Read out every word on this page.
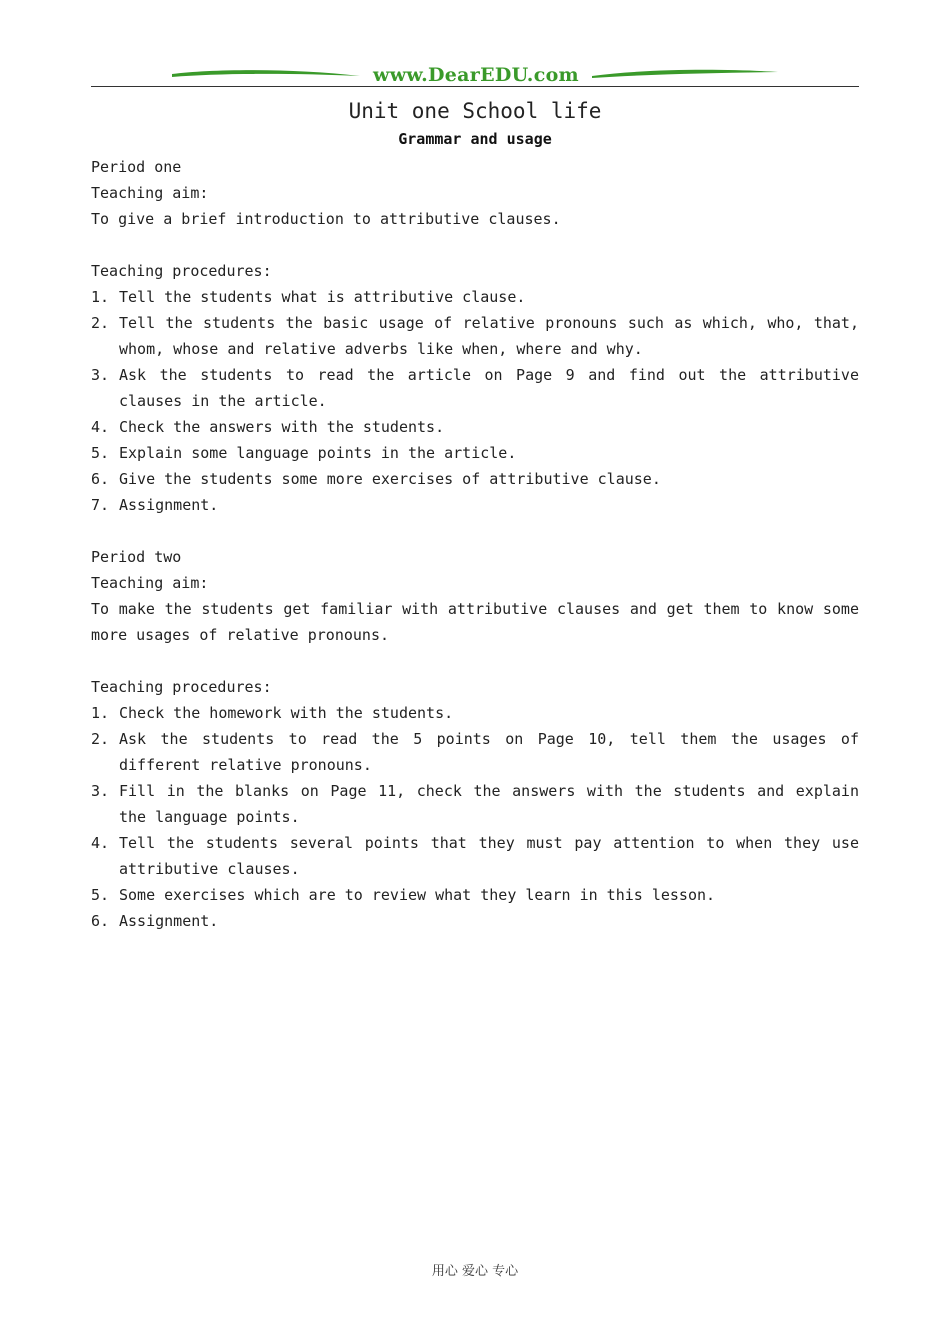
www.DearEDU.com
Unit one School life
Grammar and usage
Period one
Teaching aim:
To give a brief introduction to attributive clauses.
Teaching procedures:
1. Tell the students what is attributive clause.
2. Tell the students the basic usage of relative pronouns such as which, who, that, whom, whose and relative adverbs like when, where and why.
3. Ask the students to read the article on Page 9 and find out the attributive clauses in the article.
4. Check the answers with the students.
5. Explain some language points in the article.
6. Give the students some more exercises of attributive clause.
7. Assignment.
Period two
Teaching aim:
To make the students get familiar with attributive clauses and get them to know some more usages of relative pronouns.
Teaching procedures:
1. Check the homework with the students.
2. Ask the students to read the 5 points on Page 10, tell them the usages of different relative pronouns.
3. Fill in the blanks on Page 11, check the answers with the students and explain the language points.
4. Tell the students several points that they must pay attention to when they use attributive clauses.
5. Some exercises which are to review what they learn in this lesson.
6. Assignment.
用心 爱心 专心
